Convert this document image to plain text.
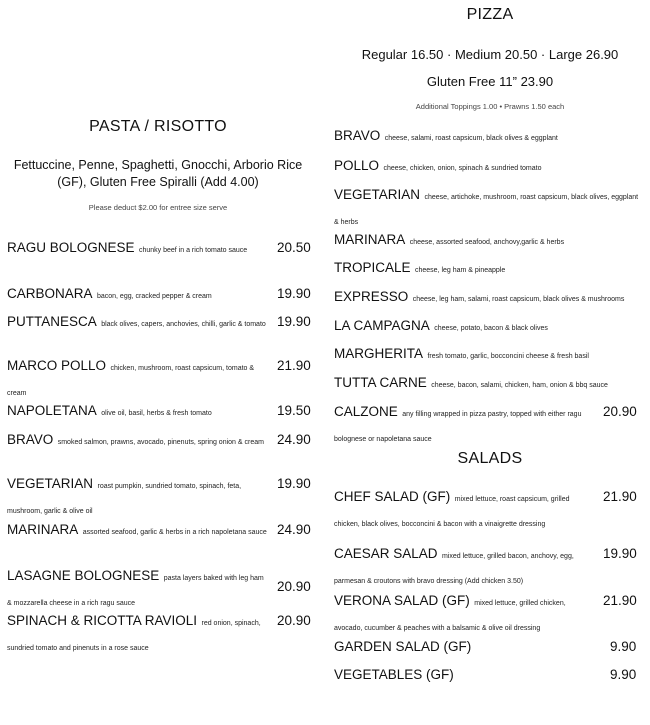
PIZZA
Regular 16.50 · Medium 20.50 · Large 26.90
Gluten Free 11” 23.90
Additional Toppings 1.00 • Prawns 1.50 each
PASTA / RISOTTO
Fettuccine, Penne, Spaghetti, Gnocchi, Arborio Rice (GF), Gluten Free Spiralli (Add 4.00)
Please deduct $2.00 for entree size serve
RAGU BOLOGNESE chunky beef in a rich tomato sauce	20.50
CARBONARA bacon, egg, cracked pepper & cream	19.90
PUTTANESCA black olives, capers, anchovies, chilli, garlic & tomato 19.90
MARCO POLLO chicken, mushroom, roast capsicum, tomato & cream
21.90
NAPOLETANA olive oil, basil, herbs & fresh tomato	19.50
BRAVO smoked salmon, prawns, avocado, pinenuts, spring onion & cream 24.90
VEGETARIAN roast pumpkin, sundried tomato, spinach, feta, mushroom, garlic & olive oil
19.90
MARINARA assorted seafood, garlic & herbs in a rich napoletana sauce 24.90
LASAGNE BOLOGNESE pasta layers baked with leg ham & mozzarella cheese in a rich ragu sauce
20.90
SPINACH & RICOTTA RAVIOLI red onion, spinach, sundried tomato and pinenuts in a rose sauce
20.90
BRAVO cheese, salami, roast capsicum, black olives & eggplant
POLLO cheese, chicken, onion, spinach & sundried tomato
VEGETARIAN cheese, artichoke, mushroom, roast capsicum, black olives, eggplant & herbs
MARINARA cheese, assorted seafood, anchovy,garlic & herbs
TROPICALE cheese, leg ham & pineapple
EXPRESSO cheese, leg ham, salami, roast capsicum, black olives & mushrooms
LA CAMPAGNA cheese, potato, bacon & black olives
MARGHERITA fresh tomato, garlic, bocconcini cheese & fresh basil
TUTTA CARNE cheese, bacon, salami, chicken, ham, onion & bbq sauce
CALZONE any filling wrapped in pizza pastry, topped with either ragu bolognese or napoletana sauce
20.90
SALADS
CHEF SALAD (GF) mixed lettuce, roast capsicum, grilled chicken, black olives, bocconcini & bacon with a vinaigrette dressing
21.90
CAESAR SALAD mixed lettuce, grilled bacon, anchovy, egg, parmesan & croutons with bravo dressing (Add chicken 3.50)
19.90
VERONA SALAD (GF) mixed lettuce, grilled chicken, avocado, cucumber & peaches with a balsamic & olive oil dressing
21.90
GARDEN SALAD (GF)	9.90
VEGETABLES (GF)	9.90
